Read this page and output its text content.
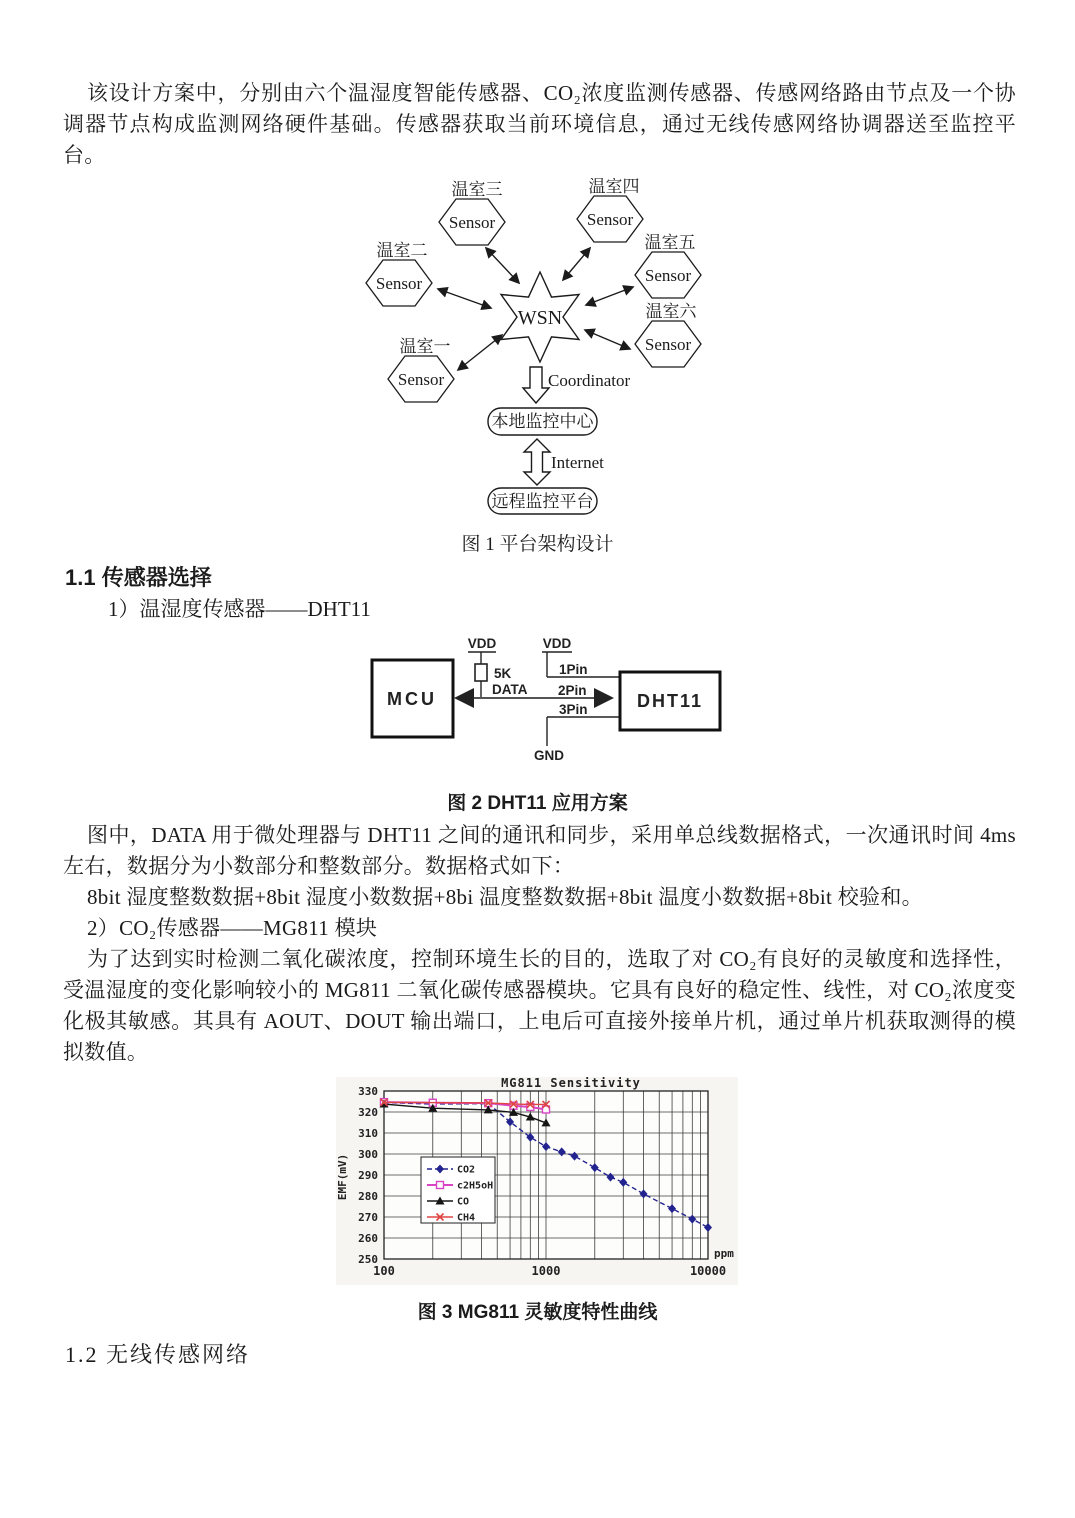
该设计方案中，分别由六个温湿度智能传感器、CO₂浓度监测传感器、传感网络路由节点及一个协调器节点构成监测网络硬件基础。传感器获取当前环境信息，通过无线传感网络协调器送至监控平台。
WSN
温室三
Sensor
温室四
Sensor
温室二
Sensor
温室五
Sensor
温室六
Sensor
温室一
Sensor	Coordinator
本地监控中心
Internet
远程监控平台
图 1 平台架构设计
1.1 传感器选择
1）温湿度传感器——DHT11
VDD
5K
DATA
MCU	2Pin
VDD
1Pin
3Pin
GND
DHT11
图 2 DHT11 应用方案
图中，DATA 用于微处理器与 DHT11 之间的通讯和同步，采用单总线数据格式，一次通讯时间 4ms 左右，数据分为小数部分和整数部分。数据格式如下：
8bit 湿度整数数据+8bit 湿度小数数据+8bi 温度整数数据+8bit 温度小数数据+8bit 校验和。
2）CO₂传感器——MG811 模块
为了达到实时检测二氧化碳浓度，控制环境生长的目的，选取了对 CO₂有良好的灵敏度和选择性，受温湿度的变化影响较小的 MG811 二氧化碳传感器模块。它具有良好的稳定性、线性，对 CO₂浓度变化极其敏感。其具有 AOUT、DOUT 输出端口，上电后可直接外接单片机，通过单片机获取测得的模拟数值。
250
260
270
280
290
300
310
320
330
100	1000	10000
MG811 Sensitivity
ppm
EMF(mV)	CO2
c2H5oH
CO
CH4
图 3 MG811 灵敏度特性曲线
1.2 无线传感网络
